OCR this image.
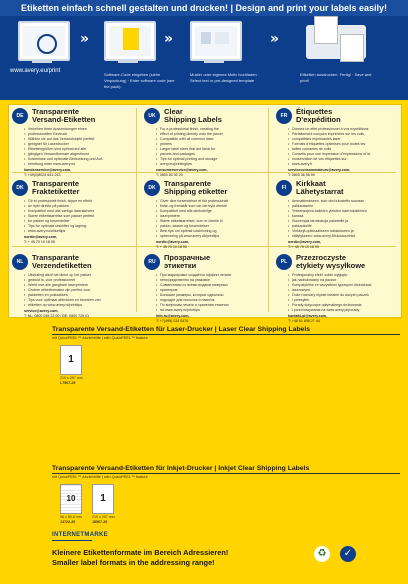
Etiketten einfach schnell gestalten und drucken! | Design and print your labels easily!
www.avery.eu/print
»
Software-Code eingeben (siehe Verpackung) · Enter software code (see the pack).
»
Muster oder eigenes Motiv hochladen · Select text or pre-designed template
»
Etiketten ausdrucken. Fertig! · Save and print!
DE	Transparente
Versand-Etiketten
• Verleihen Ihren Aussendungen einen
• professionellen Eindruck
• Wählen sie auf das Versandobjekt perfekt
• geeignet für Laserdrucker
• Etikettengrößen sind optimal auf alle
• gängigen Versandformate abgestimmt
• Kostenlose und optionale Bedruckung und Auf-
• bereitung unter www.avery.eu
kundenservice@avery.com,
T: +49(0)8024 641-243
UK	Clear
Shipping Labels
• For a professional finish, creating the
• effect of printing directly onto the parcel
• Compatible with all common laser
• printers
• Larger label sizes that are ideal for
• parcels and packages
• Tips for optimal printing and storage
• avery.eu/printingtips
consumerservice@avery.com,
T: 0800 80 50 20
FR	Étiquettes
D'expédition
• Donnez un effet professionnel à vos expéditions
• Parfaitement conçues imprimées sur les colis,
• compatibles imprimantes laser
• Formats d'étiquettes optimisés pour toutes les
• tailles courantes de colis
• Conseils pour une impression d'expressions et la
• conservation de vos étiquettes sur :
• www.avery.fr
serviceconsommateurs@avery.com,
T: 0800 36 58 59
DK	Transparente
Fraktetiketter
• Gir et profesjonelt finish, slippe en effekt
• av trykt direkte på pakken
• Kompatibel med alle vanlige laserskrivere
• Større etikettstørrelse som passer perfekt
• for pakker og forsendelser
• Tips for optimale utskrifter og lagring:
• www.avery.no/etikettips
nordic@avery.com,
T: + 45 70 10 18 90
DK	Transparente
Shipping etiketter
• Giver dine forsendelser et flot professionelt
• finish og fremstår som var det trykt direkte
• Kompatibel med alle almindelige
• laserprintere
• Større etiketstørrelser, som er ideelle til
• pakker, kasser og forsendelser
• Best tips om optimal udskrivning og
• opbevaring på www.avery.dk/printtips
nordic@avery.com,
T: + 45 70 10 18 90
FI	Kirkkaat
Lähetystarrat
• Ammattimaiseen, kuin olisi tulostettu suoraan
• pakkaukseen
• Yhteensopiva kaikkien yleisten lasertulostimien
• kanssa
• Suurempia tarrakokoja paketeille ja
• pakkauksille
• Vinkkejä optimaaliseen tulostukseen ja
• säilytykseen: www.avery.fi/tulostusvinkit
nordic@avery.com,
T: + 45 70 10 18 90
NL	Transparante
Verzendetiketten
• Uitstraling alsof het direct op het pakket
• gedrukt is, voor professioneel
• Werkt met alle gangbare laserprinters
• Grotere etiketformaten zijn perfect voor
• pakketten en postzakken
• Tips voor optimaal afdrukken en bewaren van
• etiketten op www.avery.nl/printtips
service@avery.com,
T: NL: 0800 055 23 00 / BE: 0800 725 01
RU	Прозрачные
этикетки
• При маркировке создаётся эффект печати
• непосредственно на упаковке
• Совместимы со всеми видами лазерных
• принтеров
• Большие размеры, которые идеально
• подходят для посылок и пакетов
• По вопросам печати и хранения этикеток
• на www.avery.ru/printtips
info-ru@avery.com,
T: +7(495) 234 0476
PL	Przezroczyste
etykiety wysyłkowe
• Profesjonalny efekt, sobie wyglądu
• jak nadrukowany na paczce
• Kompatybilne ze wszystkimi typowymi drukarkami
• laserowymi
• Duże rozmiary etykiet idealne do dużych paczek
• i przesyłek
• Porady dotyczące optymalnego drukowania
• i przechowywania na www.avery.pl/porady
kontakt-pl@avery.com,
T: +48 61 808 27 44
Transparente Versand-Etiketten für Laser-Drucker | Laser Clear Shipping Labels
mit QuickPEEL™ Abziehhilfe | with QuickPEEL™ feature
1
210 x 297 mm
L7567-25
Transparente Versand-Etiketten für Inkjet-Drucker | Inkjet Clear Shipping Labels
mit QuickPEEL™ Abziehhilfe | with QuickPEEL™ feature
10
96 x 50,8 mm
J4722-25
1
210 x 297 mm
J8567-25
INTERNETMARKE
Kleinere Etikettenformate im Bereich Adressieren!
Smaller label formats in the addressing range!
♻	✓
